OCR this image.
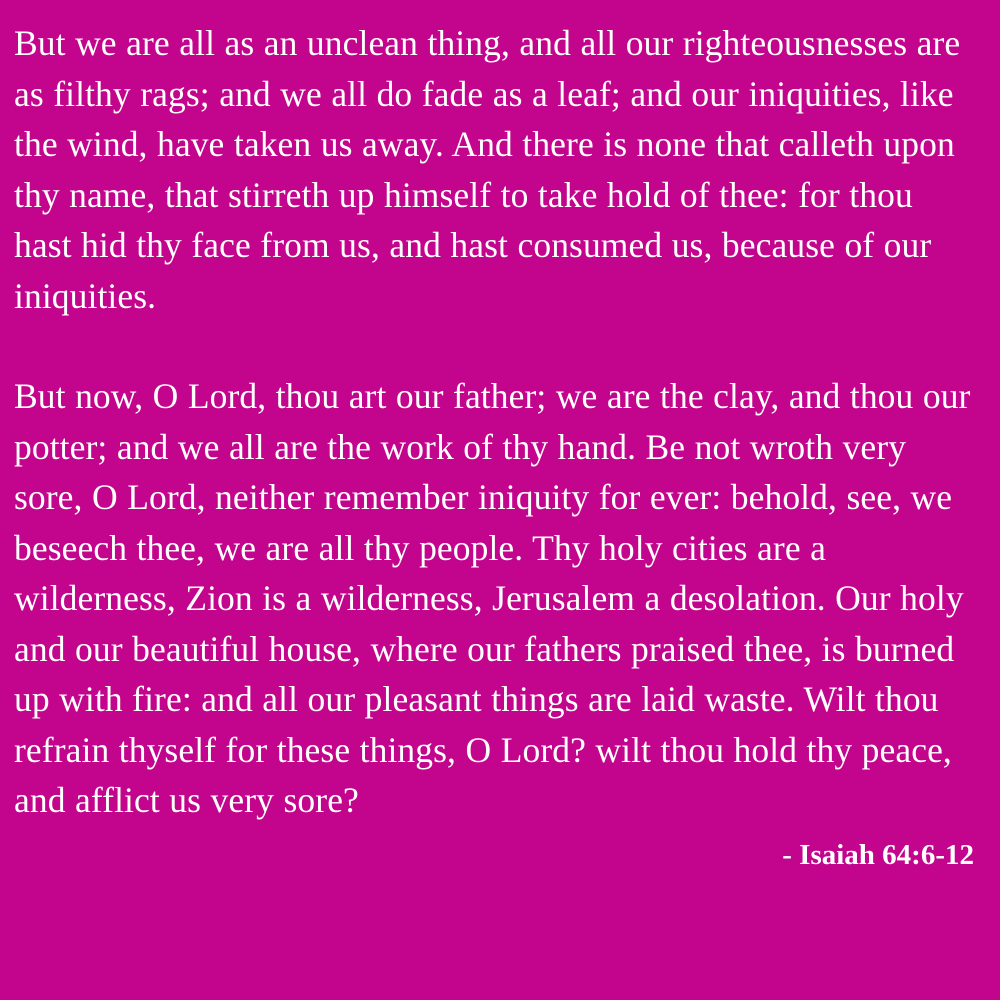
But we are all as an unclean thing, and all our righteousnesses are as filthy rags; and we all do fade as a leaf; and our iniquities, like the wind, have taken us away. And there is none that calleth upon thy name, that stirreth up himself to take hold of thee: for thou hast hid thy face from us, and hast consumed us, because of our iniquities.

But now, O Lord, thou art our father; we are the clay, and thou our potter; and we all are the work of thy hand. Be not wroth very sore, O Lord, neither remember iniquity for ever: behold, see, we beseech thee, we are all thy people. Thy holy cities are a wilderness, Zion is a wilderness, Jerusalem a desolation. Our holy and our beautiful house, where our fathers praised thee, is burned up with fire: and all our pleasant things are laid waste. Wilt thou refrain thyself for these things, O Lord? wilt thou hold thy peace, and afflict us very sore?

- Isaiah 64:6-12
